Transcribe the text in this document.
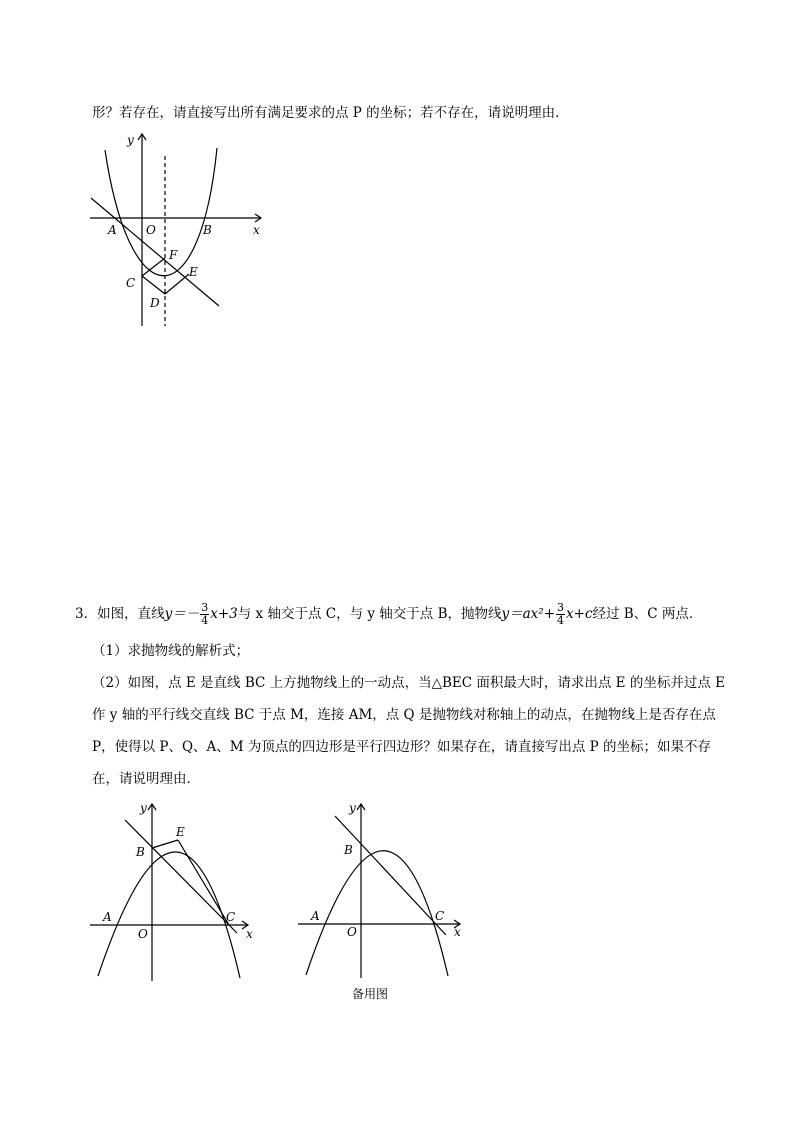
形？若存在，请直接写出所有满足要求的点 P 的坐标；若不存在，请说明理由．
y
x
A O	B
F
C
E
D
3．如图，直线$y=- \frac{3}{4} x+3$与 x 轴交于点 C，与 y 轴交于点 B，抛物线$y=ax^2+ \frac{3}{4} x+c$经过 B、C 两点．
（1）求抛物线的解析式；
（2）如图，点 E 是直线 BC 上方抛物线上的一动点，当△BEC 面积最大时，请求出点 E 的坐标并过点 E
作 y 轴的平行线交直线 BC 于点 M，连接 AM，点 Q 是抛物线对称轴上的动点，在抛物线上是否存在点
P，使得以 P、Q、A、M 为顶点的四边形是平行四边形？如果存在，请直接写出点 P 的坐标；如果不存
在，请说明理由．
y
x
A
O
B
C
E
y
x
A
O
B
C
备用图
